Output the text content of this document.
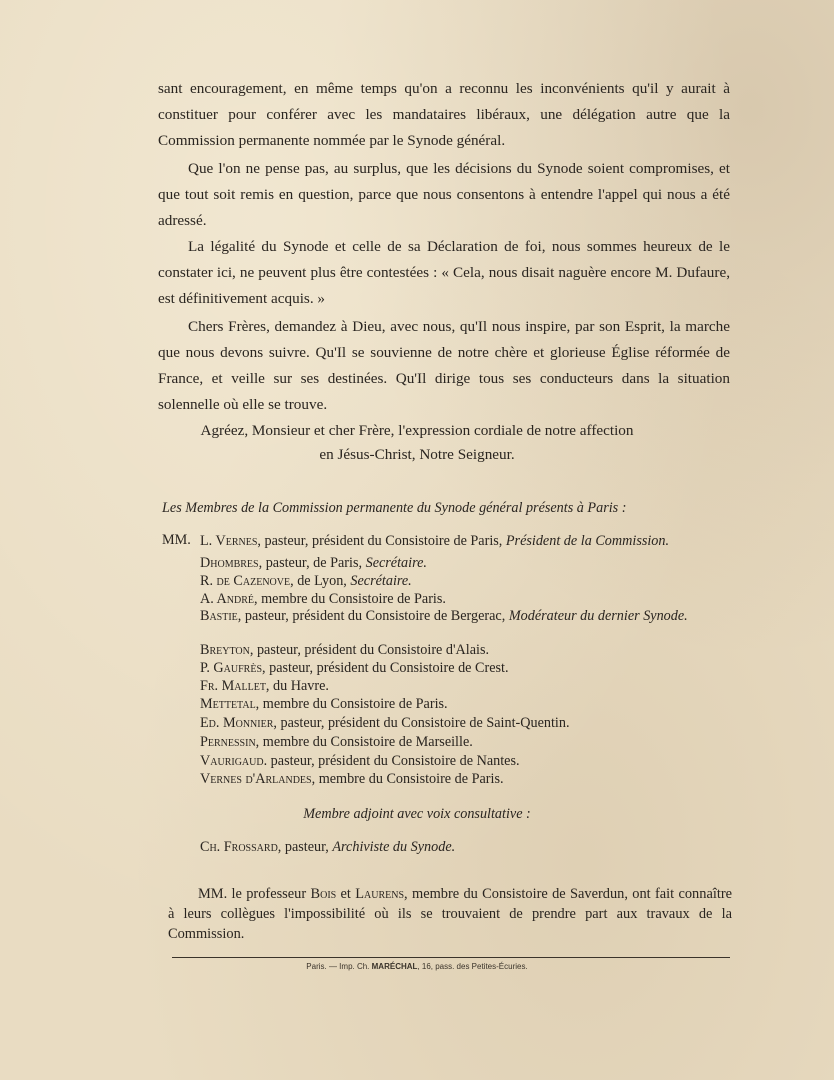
sant encouragement, en même temps qu'on a reconnu les inconvénients qu'il y aurait à constituer pour conférer avec les mandataires libéraux, une délégation autre que la Commission permanente nommée par le Synode général.
Que l'on ne pense pas, au surplus, que les décisions du Synode soient compromises, et que tout soit remis en question, parce que nous consentons à entendre l'appel qui nous a été adressé.
La légalité du Synode et celle de sa Déclaration de foi, nous sommes heureux de le constater ici, ne peuvent plus être contestées : « Cela, nous disait naguère encore M. Dufaure, est définitivement acquis. »
Chers Frères, demandez à Dieu, avec nous, qu'Il nous inspire, par son Esprit, la marche que nous devons suivre. Qu'Il se souvienne de notre chère et glorieuse Église réformée de France, et veille sur ses destinées. Qu'Il dirige tous ses conducteurs dans la situation solennelle où elle se trouve.
Agréez, Monsieur et cher Frère, l'expression cordiale de notre affection
en Jésus-Christ, Notre Seigneur.
Les Membres de la Commission permanente du Synode général présents à Paris :
MM. L. Vernes, pasteur, président du Consistoire de Paris, Président de la Commission.
Dhombres, pasteur, de Paris, Secrétaire.
R. de Cazenove, de Lyon, Secrétaire.
A. André, membre du Consistoire de Paris.
Bastie, pasteur, président du Consistoire de Bergerac, Modérateur du dernier Synode.
Breyton, pasteur, président du Consistoire d'Alais.
P. Gaufrès, pasteur, président du Consistoire de Crest.
Fr. Mallet, du Havre.
Mettetal, membre du Consistoire de Paris.
Ed. Monnier, pasteur, président du Consistoire de Saint-Quentin.
Pernessin, membre du Consistoire de Marseille.
Vaurigaud. pasteur, président du Consistoire de Nantes.
Vernes d'Arlandes, membre du Consistoire de Paris.
Membre adjoint avec voix consultative :
Ch. Frossard, pasteur, Archiviste du Synode.
MM. le professeur Bois et Laurens, membre du Consistoire de Saverdun, ont fait connaître à leurs collègues l'impossibilité où ils se trouvaient de prendre part aux travaux de la Commission.
Paris. — Imp. Ch. MARÉCHAL, 16, pass. des Petites-Écuries.
